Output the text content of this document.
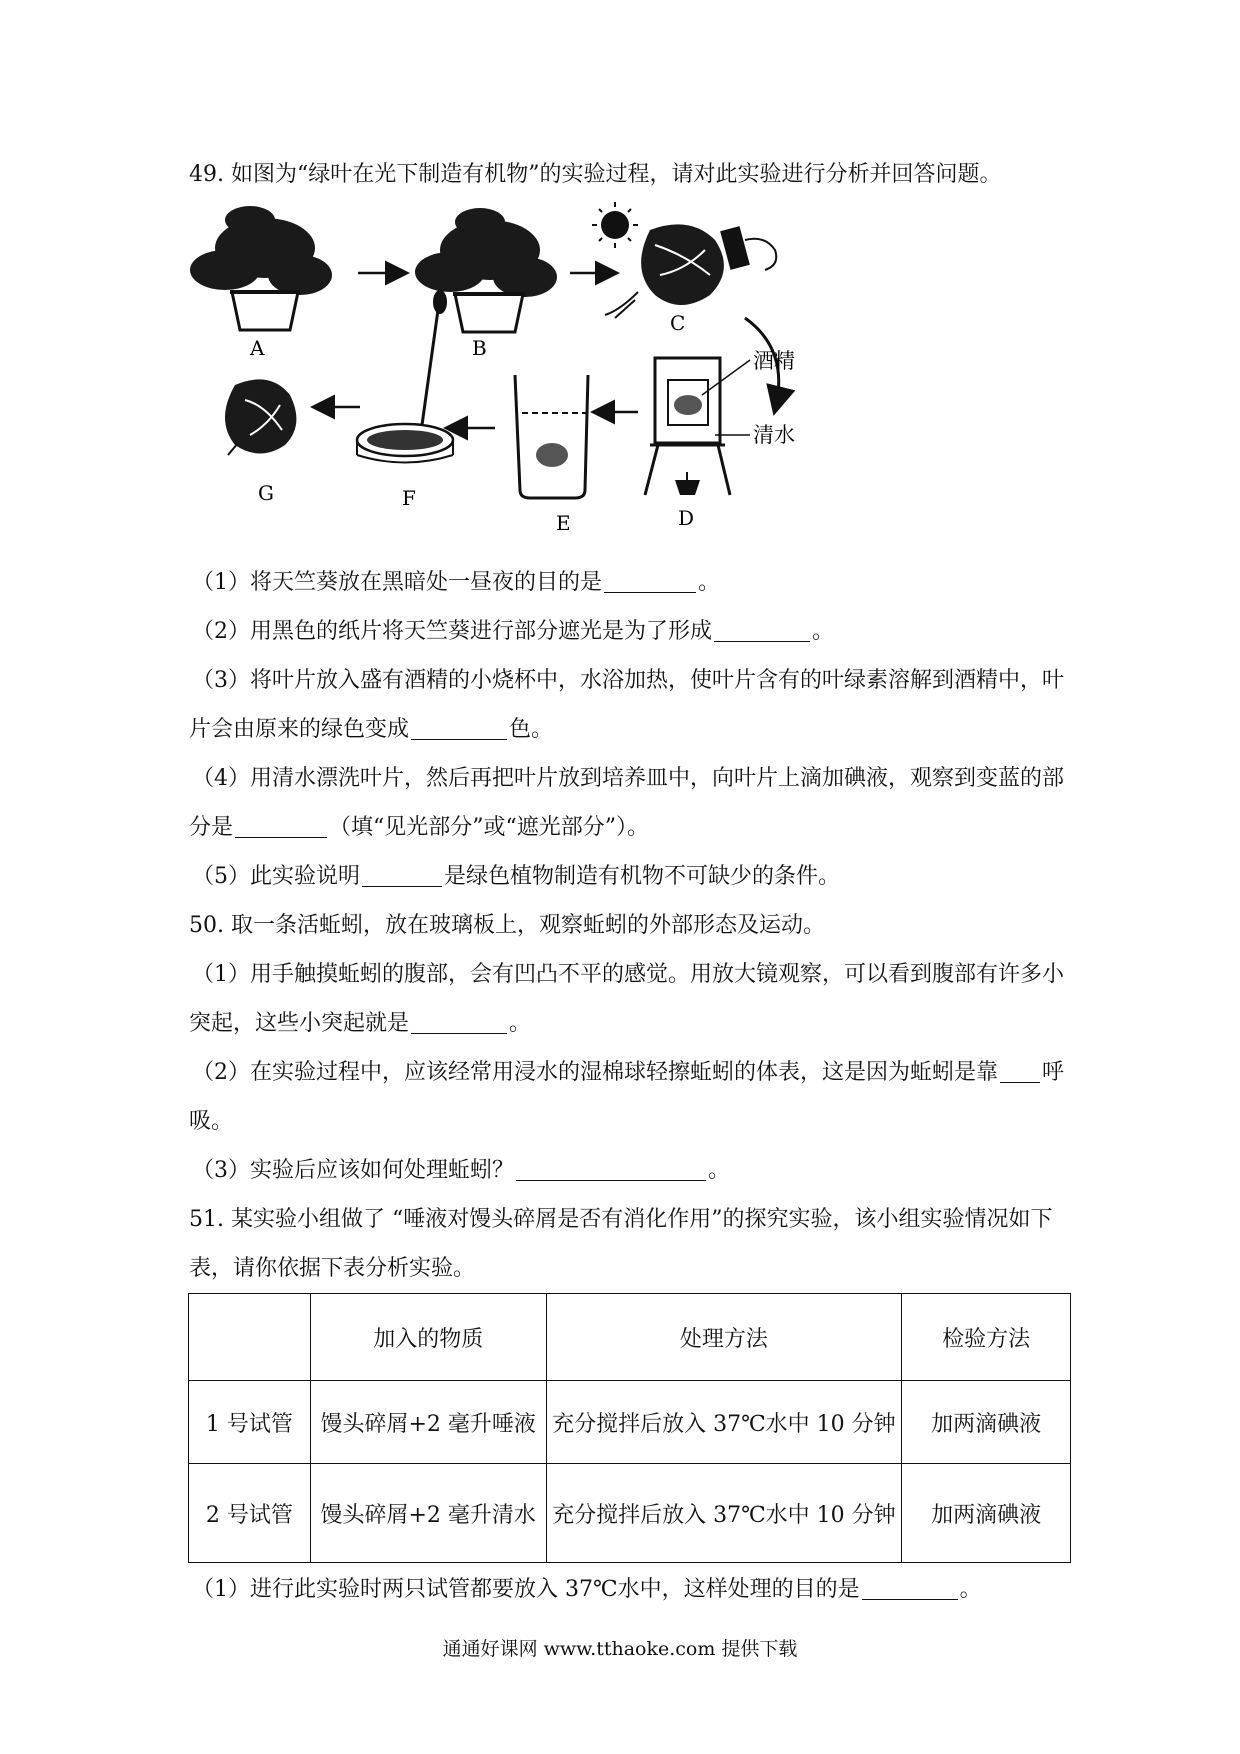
49. 如图为“绿叶在光下制造有机物”的实验过程，请对此实验进行分析并回答问题。
A	B
C
酒精
清水
D
E
F
G
（1）将天竺葵放在黑暗处一昼夜的目的是	。
（2）用黑色的纸片将天竺葵进行部分遮光是为了形成	。
（3）将叶片放入盛有酒精的小烧杯中，水浴加热，使叶片含有的叶绿素溶解到酒精中，叶
片会由原来的绿色变成	色。
（4）用清水漂洗叶片，然后再把叶片放到培养皿中，向叶片上滴加碘液，观察到变蓝的部
分是	（填“见光部分”或“遮光部分”）。
（5）此实验说明	是绿色植物制造有机物不可缺少的条件。
50. 取一条活蚯蚓，放在玻璃板上，观察蚯蚓的外部形态及运动。
（1）用手触摸蚯蚓的腹部，会有凹凸不平的感觉。用放大镜观察，可以看到腹部有许多小
突起，这些小突起就是	。
（2）在实验过程中，应该经常用浸水的湿棉球轻擦蚯蚓的体表，这是因为蚯蚓是靠 呼
吸。
（3）实验后应该如何处理蚯蚓？	。
51. 某实验小组做了 “唾液对馒头碎屑是否有消化作用”的探究实验，该小组实验情况如下
表，请你依据下表分析实验。
	加入的物质	处理方法	检验方法
1 号试管	馒头碎屑+2 毫升唾液	充分搅拌后放入 37℃水中 10 分钟	加两滴碘液
2 号试管	馒头碎屑+2 毫升清水	充分搅拌后放入 37℃水中 10 分钟	加两滴碘液
（1）进行此实验时两只试管都要放入 37℃水中，这样处理的目的是	。
通通好课网 www.tthaoke.com 提供下载
